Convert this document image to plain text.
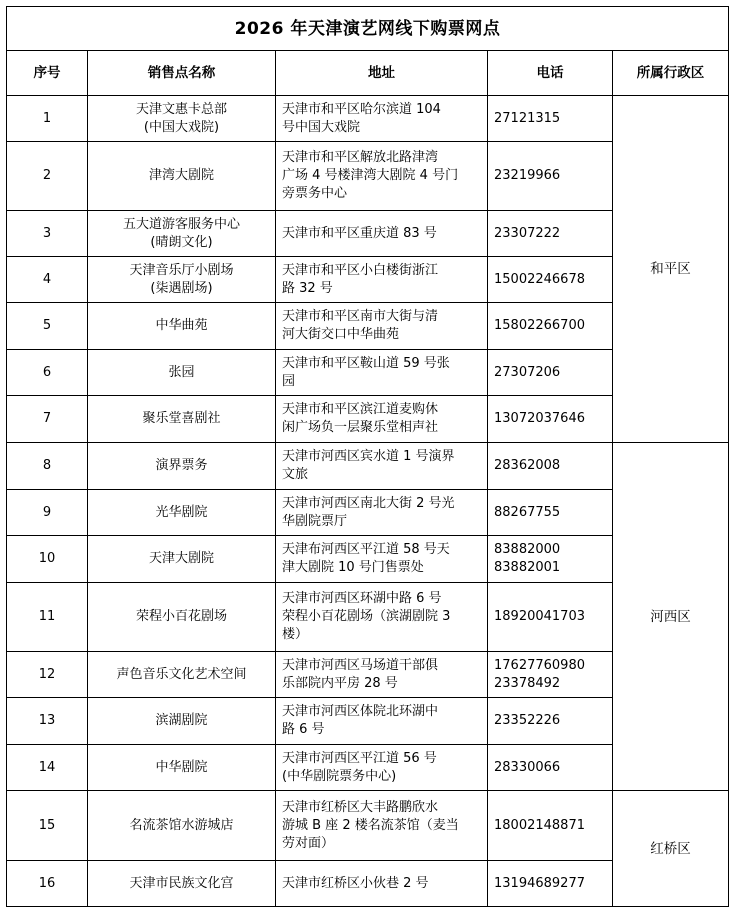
2026 年天津演艺网线下购票网点				
序号	销售点名称	地址	电话	所属行政区
1	天津文惠卡总部
(中国大戏院)	天津市和平区哈尔滨道 104
号中国大戏院	27121315	和平区
2	津湾大剧院	天津市和平区解放北路津湾
广场 4 号楼津湾大剧院 4 号门
旁票务中心	23219966	

3	五大道游客服务中心
(晴朗文化)	天津市和平区重庆道 83 号	23307222	

4	天津音乐厅小剧场
(柒遇剧场)	天津市和平区小白楼街浙江
路 32 号	15002246678	

5	中华曲苑	天津市和平区南市大街与清
河大街交口中华曲苑	15802266700	

6	张园	天津市和平区鞍山道 59 号张
园	27307206	

7	聚乐堂喜剧社	天津市和平区滨江道麦购休
闲广场负一层聚乐堂相声社	13072037646	

8	演界票务	天津市河西区宾水道 1 号演界
文旅	28362008	河西区
9	光华剧院	天津市河西区南北大街 2 号光
华剧院票厅	88267755	

10	天津大剧院	天津布河西区平江道 58 号天
津大剧院 10 号门售票处	83882000
83882001	

11	荣程小百花剧场	天津市河西区环湖中路 6 号
荣程小百花剧场（滨湖剧院 3
楼）	18920041703	

12	声色音乐文化艺术空间	天津市河西区马场道干部俱
乐部院内平房 28 号	17627760980
23378492	

13	滨湖剧院	天津市河西区体院北环湖中
路 6 号	23352226	

14	中华剧院	天津市河西区平江道 56 号
(中华剧院票务中心)	28330066	

15	名流茶馆水游城店	天津市红桥区大丰路鹏欣水
游城 B 座 2 楼名流茶馆（麦当
劳对面）	18002148871	红桥区
16	天津市民族文化宫	天津市红桥区小伙巷 2 号	13194689277	
